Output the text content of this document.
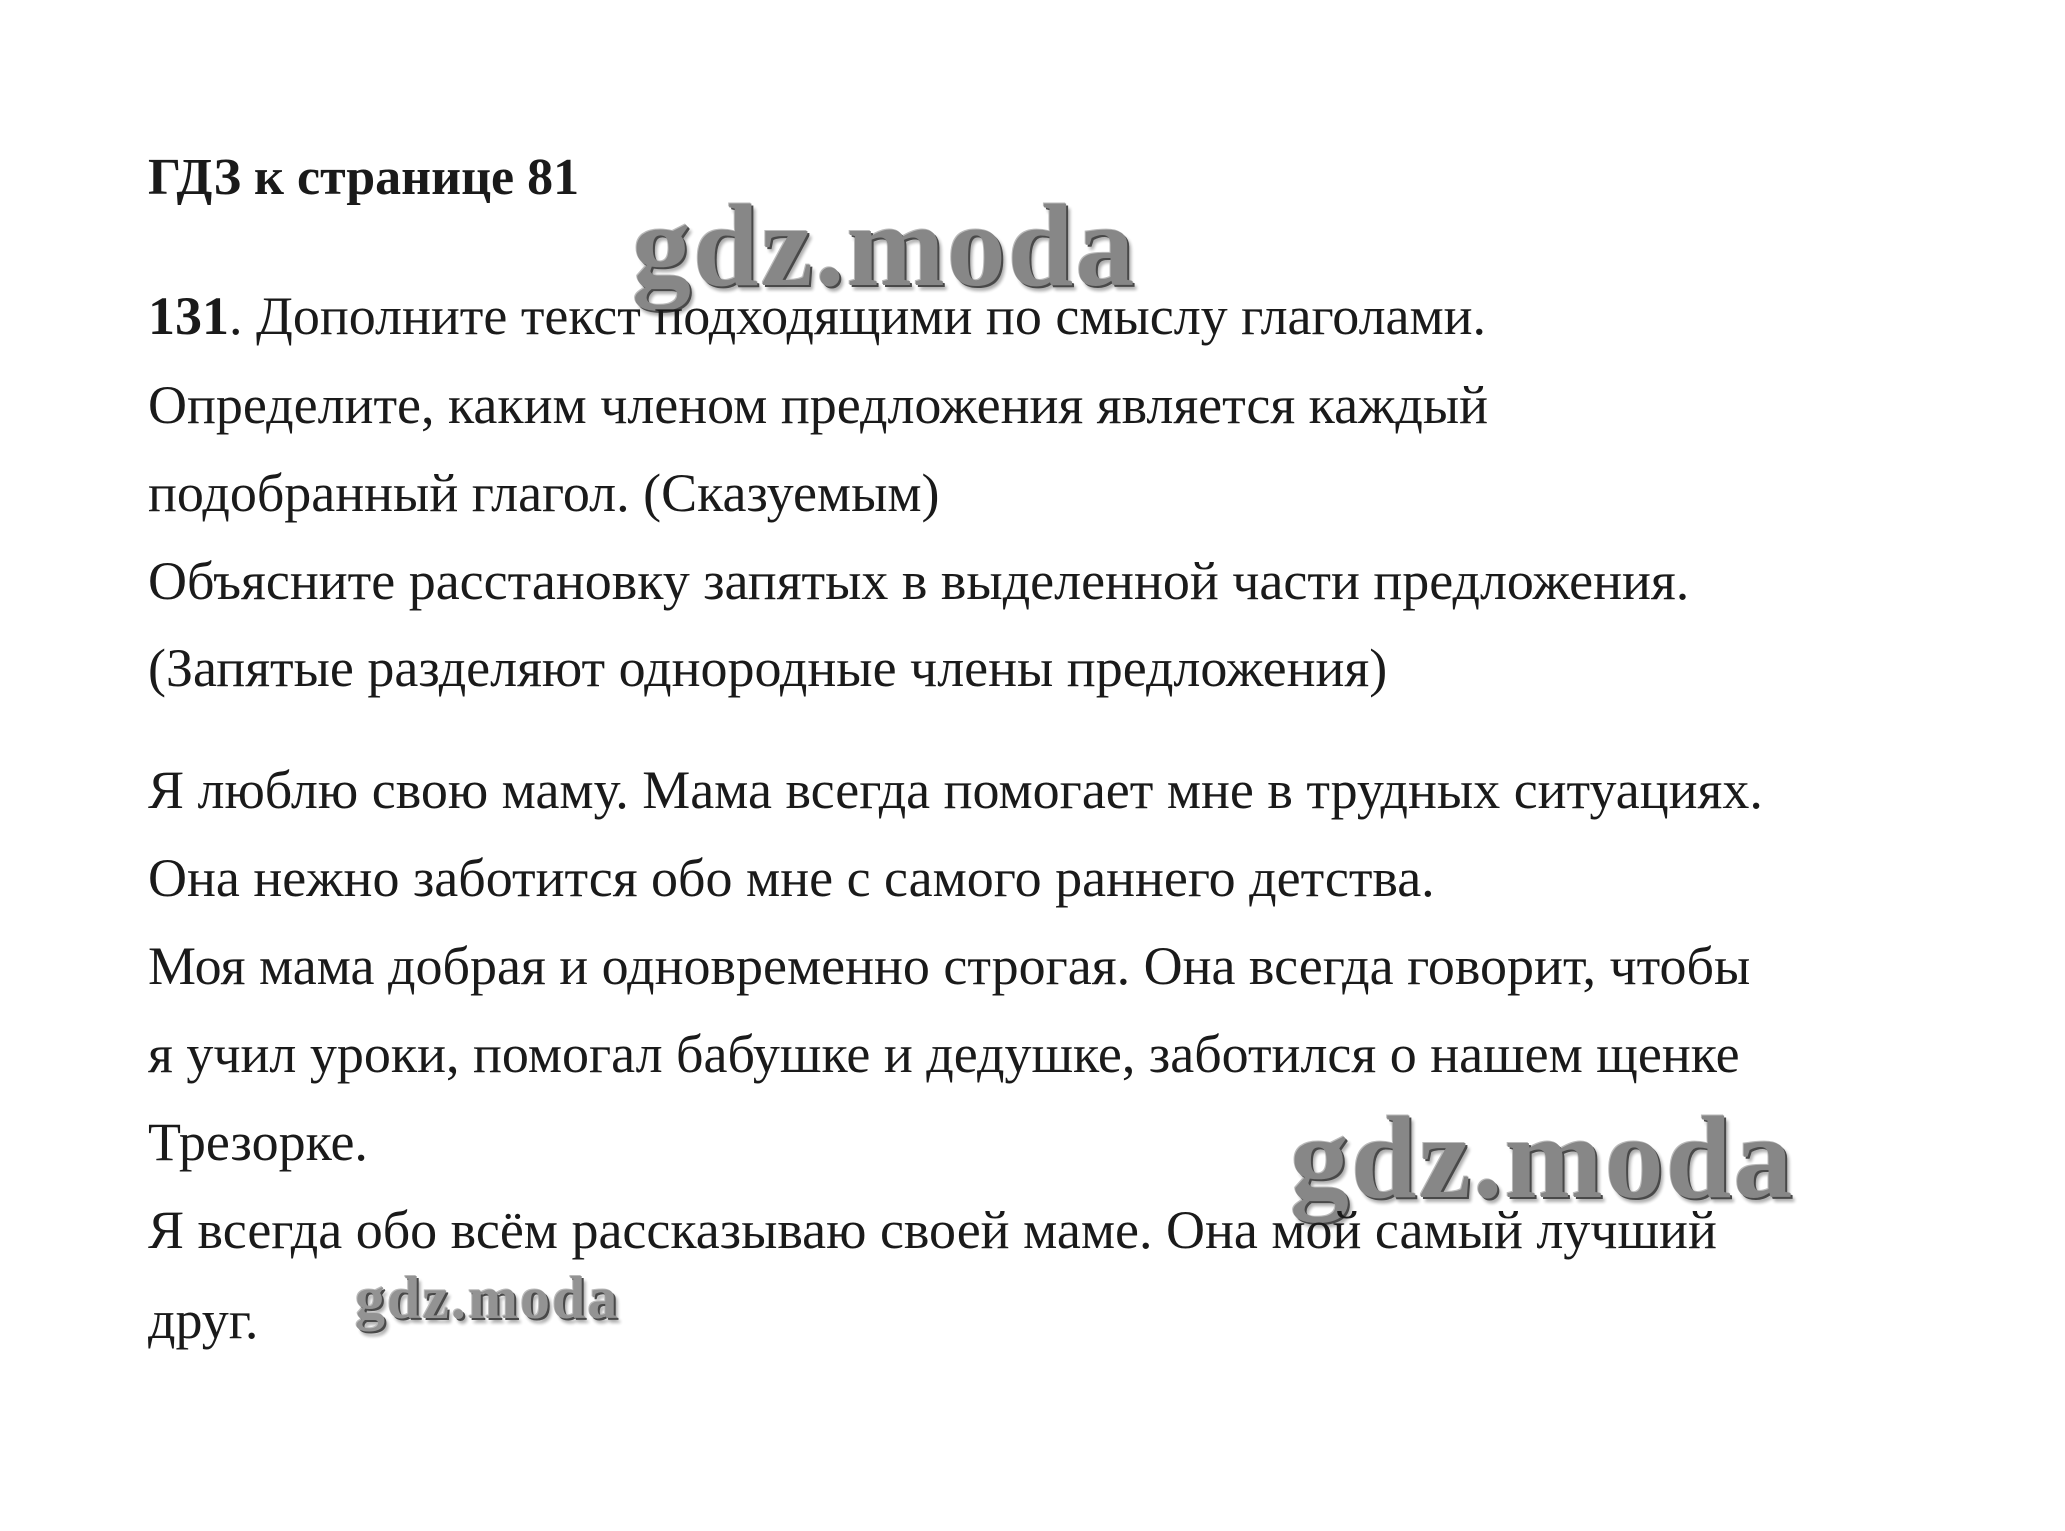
ГДЗ к странице 81
gdz.moda
131. Дополните текст подходящими по смыслу глаголами.
Определите, каким членом предложения является каждый
подобранный глагол. (Сказуемым)
Объясните расстановку запятых в выделенной части предложения.
(Запятые разделяют однородные члены предложения)
Я люблю свою маму. Мама всегда помогает мне в трудных ситуациях.
Она нежно заботится обо мне с самого раннего детства.
Моя мама добрая и одновременно строгая. Она всегда говорит, чтобы
я учил уроки, помогал бабушке и дедушке, заботился о нашем щенке
Трезорке.	gdz.moda
Я всегда обо всём рассказываю своей маме. Она мой самый лучший
gdz.moda
друг.
